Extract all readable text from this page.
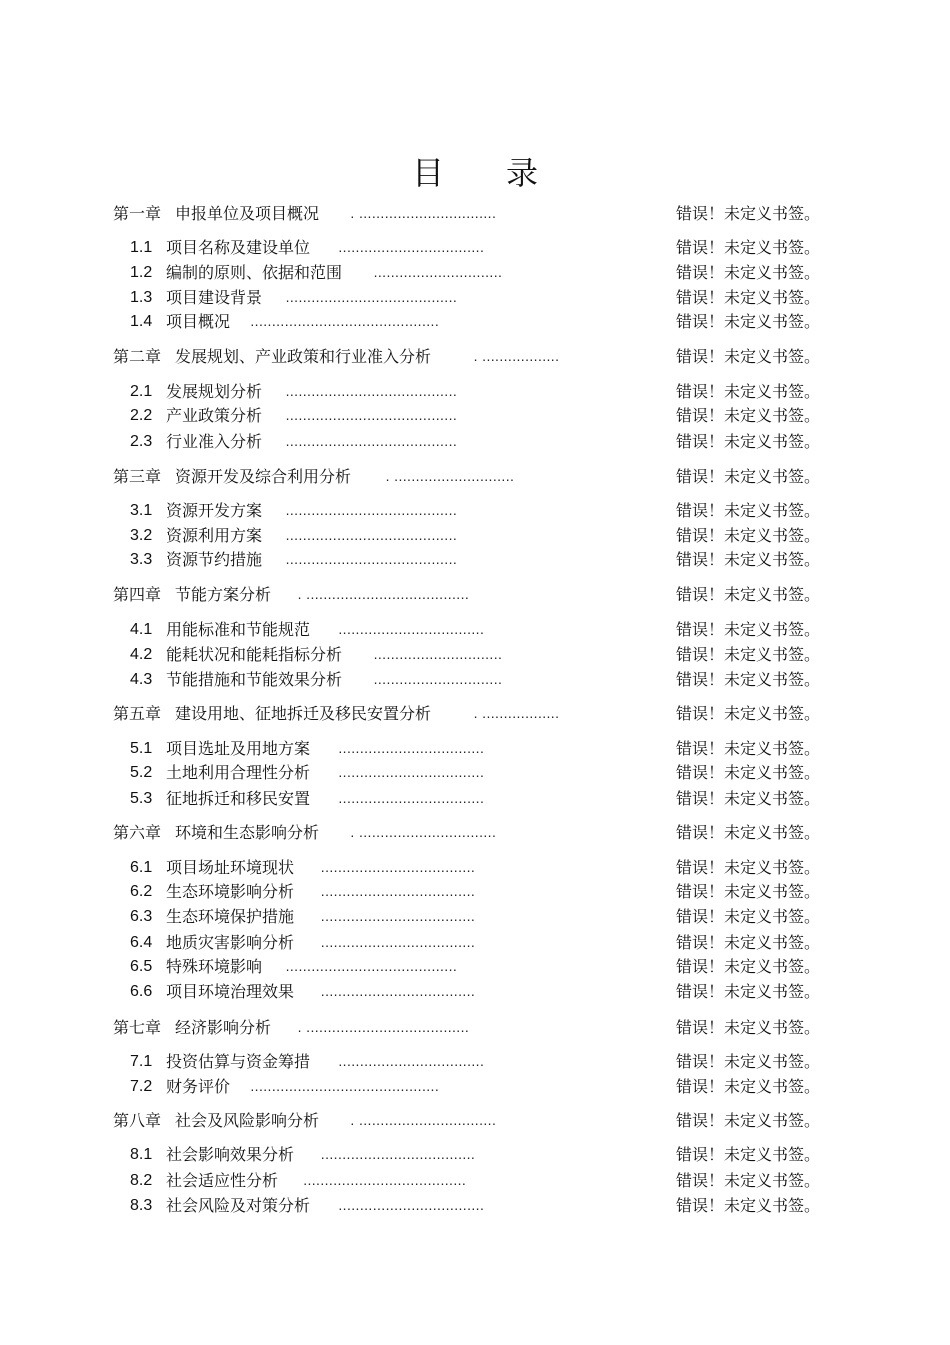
目 录
第一章 申报单位及项目概况 . ................................	错误！未定义书签。
1.1 项目名称及建设单位 ..................................	错误！未定义书签。
1.2 编制的原则、依据和范围 ..............................	错误！未定义书签。
1.3 项目建设背景 ........................................	错误！未定义书签。
1.4 项目概况 ............................................	错误！未定义书签。
第二章 发展规划、产业政策和行业准入分析	. ..................	错误！未定义书签。
2.1 发展规划分析 ........................................	错误！未定义书签。
2.2 产业政策分析 ........................................	错误！未定义书签。
2.3 行业准入分析 ........................................	错误！未定义书签。
第三章 资源开发及综合利用分析 . ............................	错误！未定义书签。
3.1 资源开发方案 ........................................	错误！未定义书签。
3.2 资源利用方案 ........................................	错误！未定义书签。
3.3 资源节约措施 ........................................	错误！未定义书签。
第四章 节能方案分析 . ......................................	错误！未定义书签。
4.1 用能标准和节能规范 ..................................	错误！未定义书签。
4.2 能耗状况和能耗指标分析 ..............................	错误！未定义书签。
4.3 节能措施和节能效果分析 ..............................	错误！未定义书签。
第五章 建设用地、征地拆迁及移民安置分析	. ..................	错误！未定义书签。
5.1 项目选址及用地方案 ..................................	错误！未定义书签。
5.2 土地利用合理性分析 ..................................	错误！未定义书签。
5.3 征地拆迁和移民安置 ..................................	错误！未定义书签。
第六章 环境和生态影响分析 . ................................	错误！未定义书签。
6.1 项目场址环境现状 ....................................	错误！未定义书签。
6.2 生态环境影响分析 ....................................	错误！未定义书签。
6.3 生态环境保护措施 ....................................	错误！未定义书签。
6.4 地质灾害影响分析 ....................................	错误！未定义书签。
6.5 特殊环境影响 ........................................	错误！未定义书签。
6.6 项目环境治理效果 ....................................	错误！未定义书签。
第七章 经济影响分析 . ......................................	错误！未定义书签。
7.1 投资估算与资金筹措 ..................................	错误！未定义书签。
7.2 财务评价 ............................................	错误！未定义书签。
第八章 社会及风险影响分析 . ................................	错误！未定义书签。
8.1 社会影响效果分析 ....................................	错误！未定义书签。
8.2 社会适应性分析 ......................................	错误！未定义书签。
8.3 社会风险及对策分析 ..................................	错误！未定义书签。
